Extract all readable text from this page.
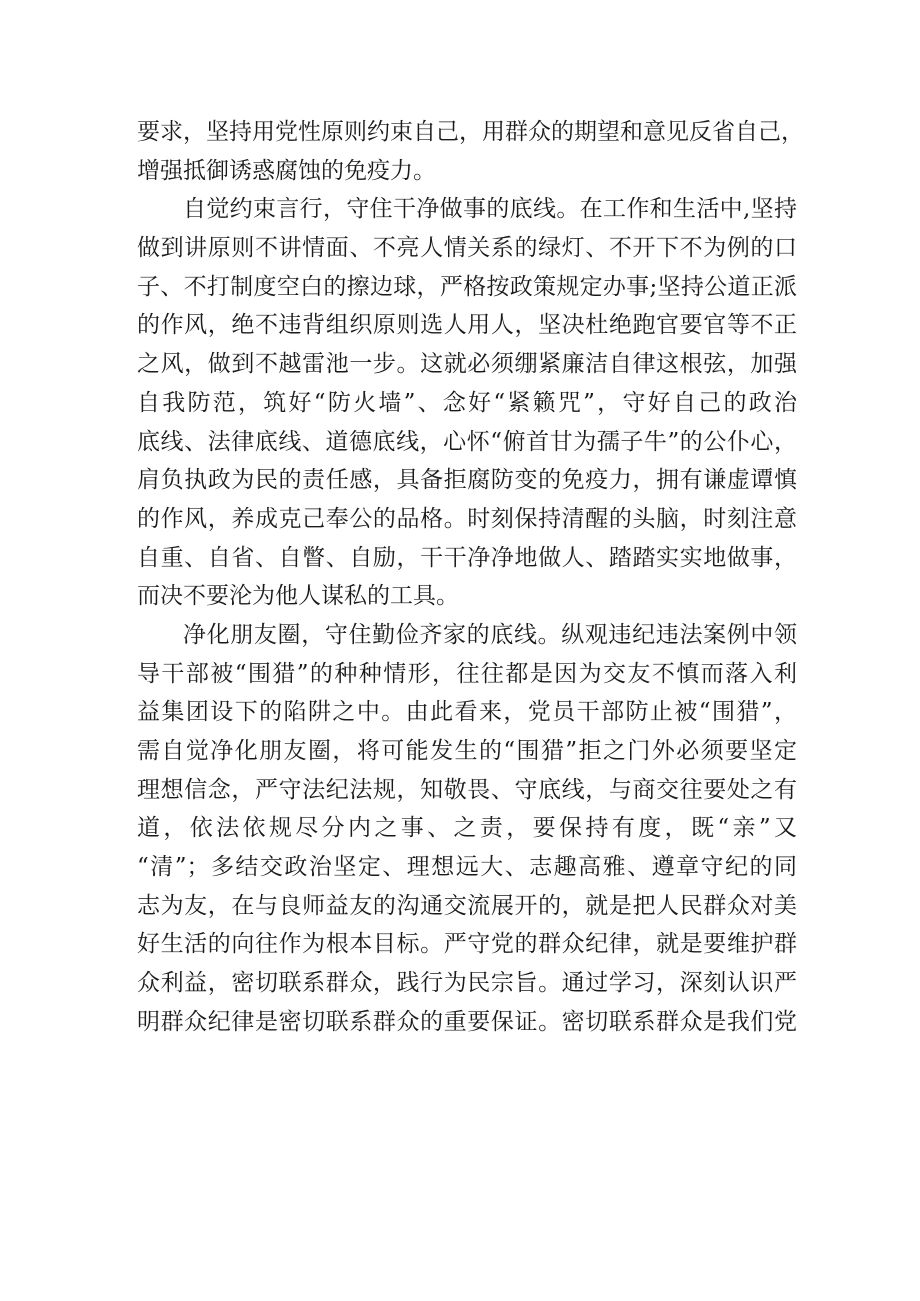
要求，坚持用党性原则约束自己，用群众的期望和意见反省自己，
增强抵御诱惑腐蚀的免疫力。
自觉约束言行，守住干净做事的底线。在工作和生活中,坚持
做到讲原则不讲情面、不亮人情关系的绿灯、不开下不为例的口
子、不打制度空白的擦边球，严格按政策规定办事;坚持公道正派
的作风，绝不违背组织原则选人用人，坚决杜绝跑官要官等不正
之风，做到不越雷池一步。这就必须绷紧廉洁自律这根弦，加强
自我防范，筑好“防火墙”、念好“紧籁咒”，守好自己的政治
底线、法律底线、道德底线，心怀“俯首甘为孺子牛”的公仆心，
肩负执政为民的责任感，具备拒腐防变的免疫力，拥有谦虚谭慎
的作风，养成克己奉公的品格。时刻保持清醒的头脑，时刻注意
自重、自省、自瞥、自励，干干净净地做人、踏踏实实地做事，
而决不要沦为他人谋私的工具。
净化朋友圈，守住勤俭齐家的底线。纵观违纪违法案例中领
导干部被“围猎”的种种情形，往往都是因为交友不慎而落入利
益集团设下的陷阱之中。由此看来，党员干部防止被“围猎”，
需自觉净化朋友圈，将可能发生的“围猎”拒之门外必须要坚定
理想信念，严守法纪法规，知敬畏、守底线，与商交往要处之有
道，依法依规尽分内之事、之责，要保持有度，既“亲”又
“清”；多结交政治坚定、理想远大、志趣高雅、遵章守纪的同
志为友，在与良师益友的沟通交流展开的，就是把人民群众对美
好生活的向往作为根本目标。严守党的群众纪律，就是要维护群
众利益，密切联系群众，践行为民宗旨。通过学习，深刻认识严
明群众纪律是密切联系群众的重要保证。密切联系群众是我们党
